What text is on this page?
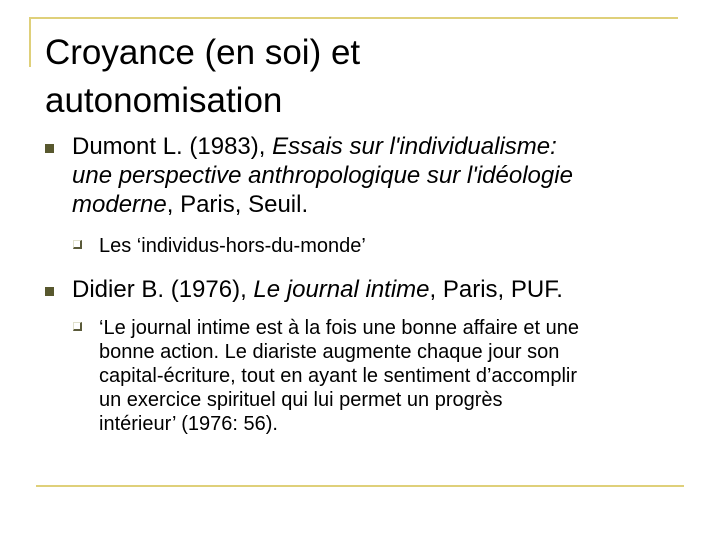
Croyance (en soi) et
autonomisation
Dumont L. (1983), Essais sur l'individualisme:
une perspective anthropologique sur l'idéologie
moderne, Paris, Seuil.
Les ‘individus-hors-du-monde’
Didier B. (1976), Le journal intime, Paris, PUF.
‘Le journal intime est à la fois une bonne affaire et une
bonne action. Le diariste augmente chaque jour son
capital-écriture, tout en ayant le sentiment d’accomplir
un exercice spirituel qui lui permet un progrès
intérieur’ (1976: 56).
